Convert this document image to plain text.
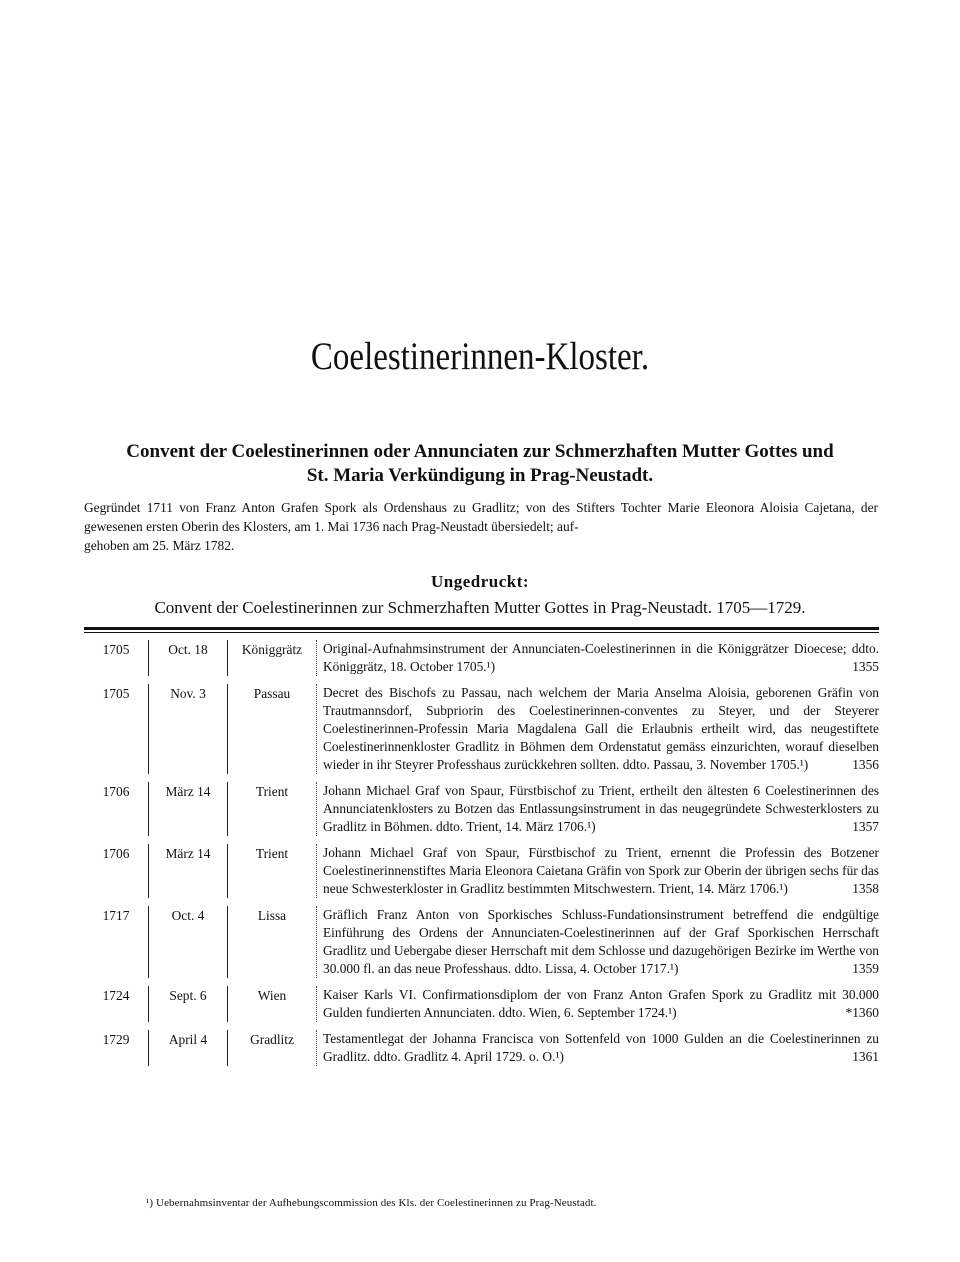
Coelestinerinnen-Kloster.
Convent der Coelestinerinnen oder Annunciaten zur Schmerzhaften Mutter Gottes und
St. Maria Verkündigung in Prag-Neustadt.
Gegründet 1711 von Franz Anton Grafen Spork als Ordenshaus zu Gradlitz; von des Stifters Tochter Marie Eleonora Aloisia Cajetana, der gewesenen ersten Oberin des Klosters, am 1. Mai 1736 nach Prag-Neustadt übersiedelt; auf-
gehoben am 25. März 1782.
Ungedruckt:
Convent der Coelestinerinnen zur Schmerzhaften Mutter Gottes in Prag-Neustadt. 1705—1729.
1705	Oct. 18	Königgrätz	Original-Aufnahmsinstrument der Annunciaten-Coelestinerinnen in die Königgrätzer Dioecese; ddto. Königgrätz, 18. October 1705.¹)	1355
1705	Nov. 3	Passau	Decret des Bischofs zu Passau, nach welchem der Maria Anselma Aloisia, geborenen Gräfin von Trautmannsdorf, Subpriorin des Coelestinerinnen-conventes zu Steyer, und der Steyerer Coelestinerinnen-Professin Maria Magdalena Gall die Erlaubnis ertheilt wird, das neugestiftete Coelestinerinnenkloster Gradlitz in Böhmen dem Ordenstatut gemäss einzurichten, worauf dieselben wieder in ihr Steyrer Professhaus zurückkehren sollten. ddto. Passau, 3. November 1705.¹)	1356
1706	März 14	Trient	Johann Michael Graf von Spaur, Fürstbischof zu Trient, ertheilt den ältesten 6 Coelestinerinnen des Annunciatenklosters zu Botzen das Entlassungsinstrument in das neugegründete Schwesterklosters zu Gradlitz in Böhmen. ddto. Trient, 14. März 1706.¹)	1357
1706	März 14	Trient	Johann Michael Graf von Spaur, Fürstbischof zu Trient, ernennt die Professin des Botzener Coelestinerinnenstiftes Maria Eleonora Caietana Gräfin von Spork zur Oberin der übrigen sechs für das neue Schwesterkloster in Gradlitz bestimmten Mitschwestern. Trient, 14. März 1706.¹)	1358
1717	Oct. 4	Lissa	Gräflich Franz Anton von Sporkisches Schluss-Fundationsinstrument betreffend die endgültige Einführung des Ordens der Annunciaten-Coelestinerinnen auf der Graf Sporkischen Herrschaft Gradlitz und Uebergabe dieser Herrschaft mit dem Schlosse und dazugehörigen Bezirke im Werthe von 30.000 fl. an das neue Professhaus. ddto. Lissa, 4. October 1717.¹)	1359
1724	Sept. 6	Wien	Kaiser Karls VI. Confirmationsdiplom der von Franz Anton Grafen Spork zu Gradlitz mit 30.000 Gulden fundierten Annunciaten. ddto. Wien, 6. September 1724.¹)	*1360
1729	April 4	Gradlitz	Testamentlegat der Johanna Francisca von Sottenfeld von 1000 Gulden an die Coelestinerinnen zu Gradlitz. ddto. Gradlitz 4. April 1729. o. O.¹)	1361
¹) Uebernahmsinventar der Aufhebungscommission des Kls. der Coelestinerinnen zu Prag-Neustadt.
